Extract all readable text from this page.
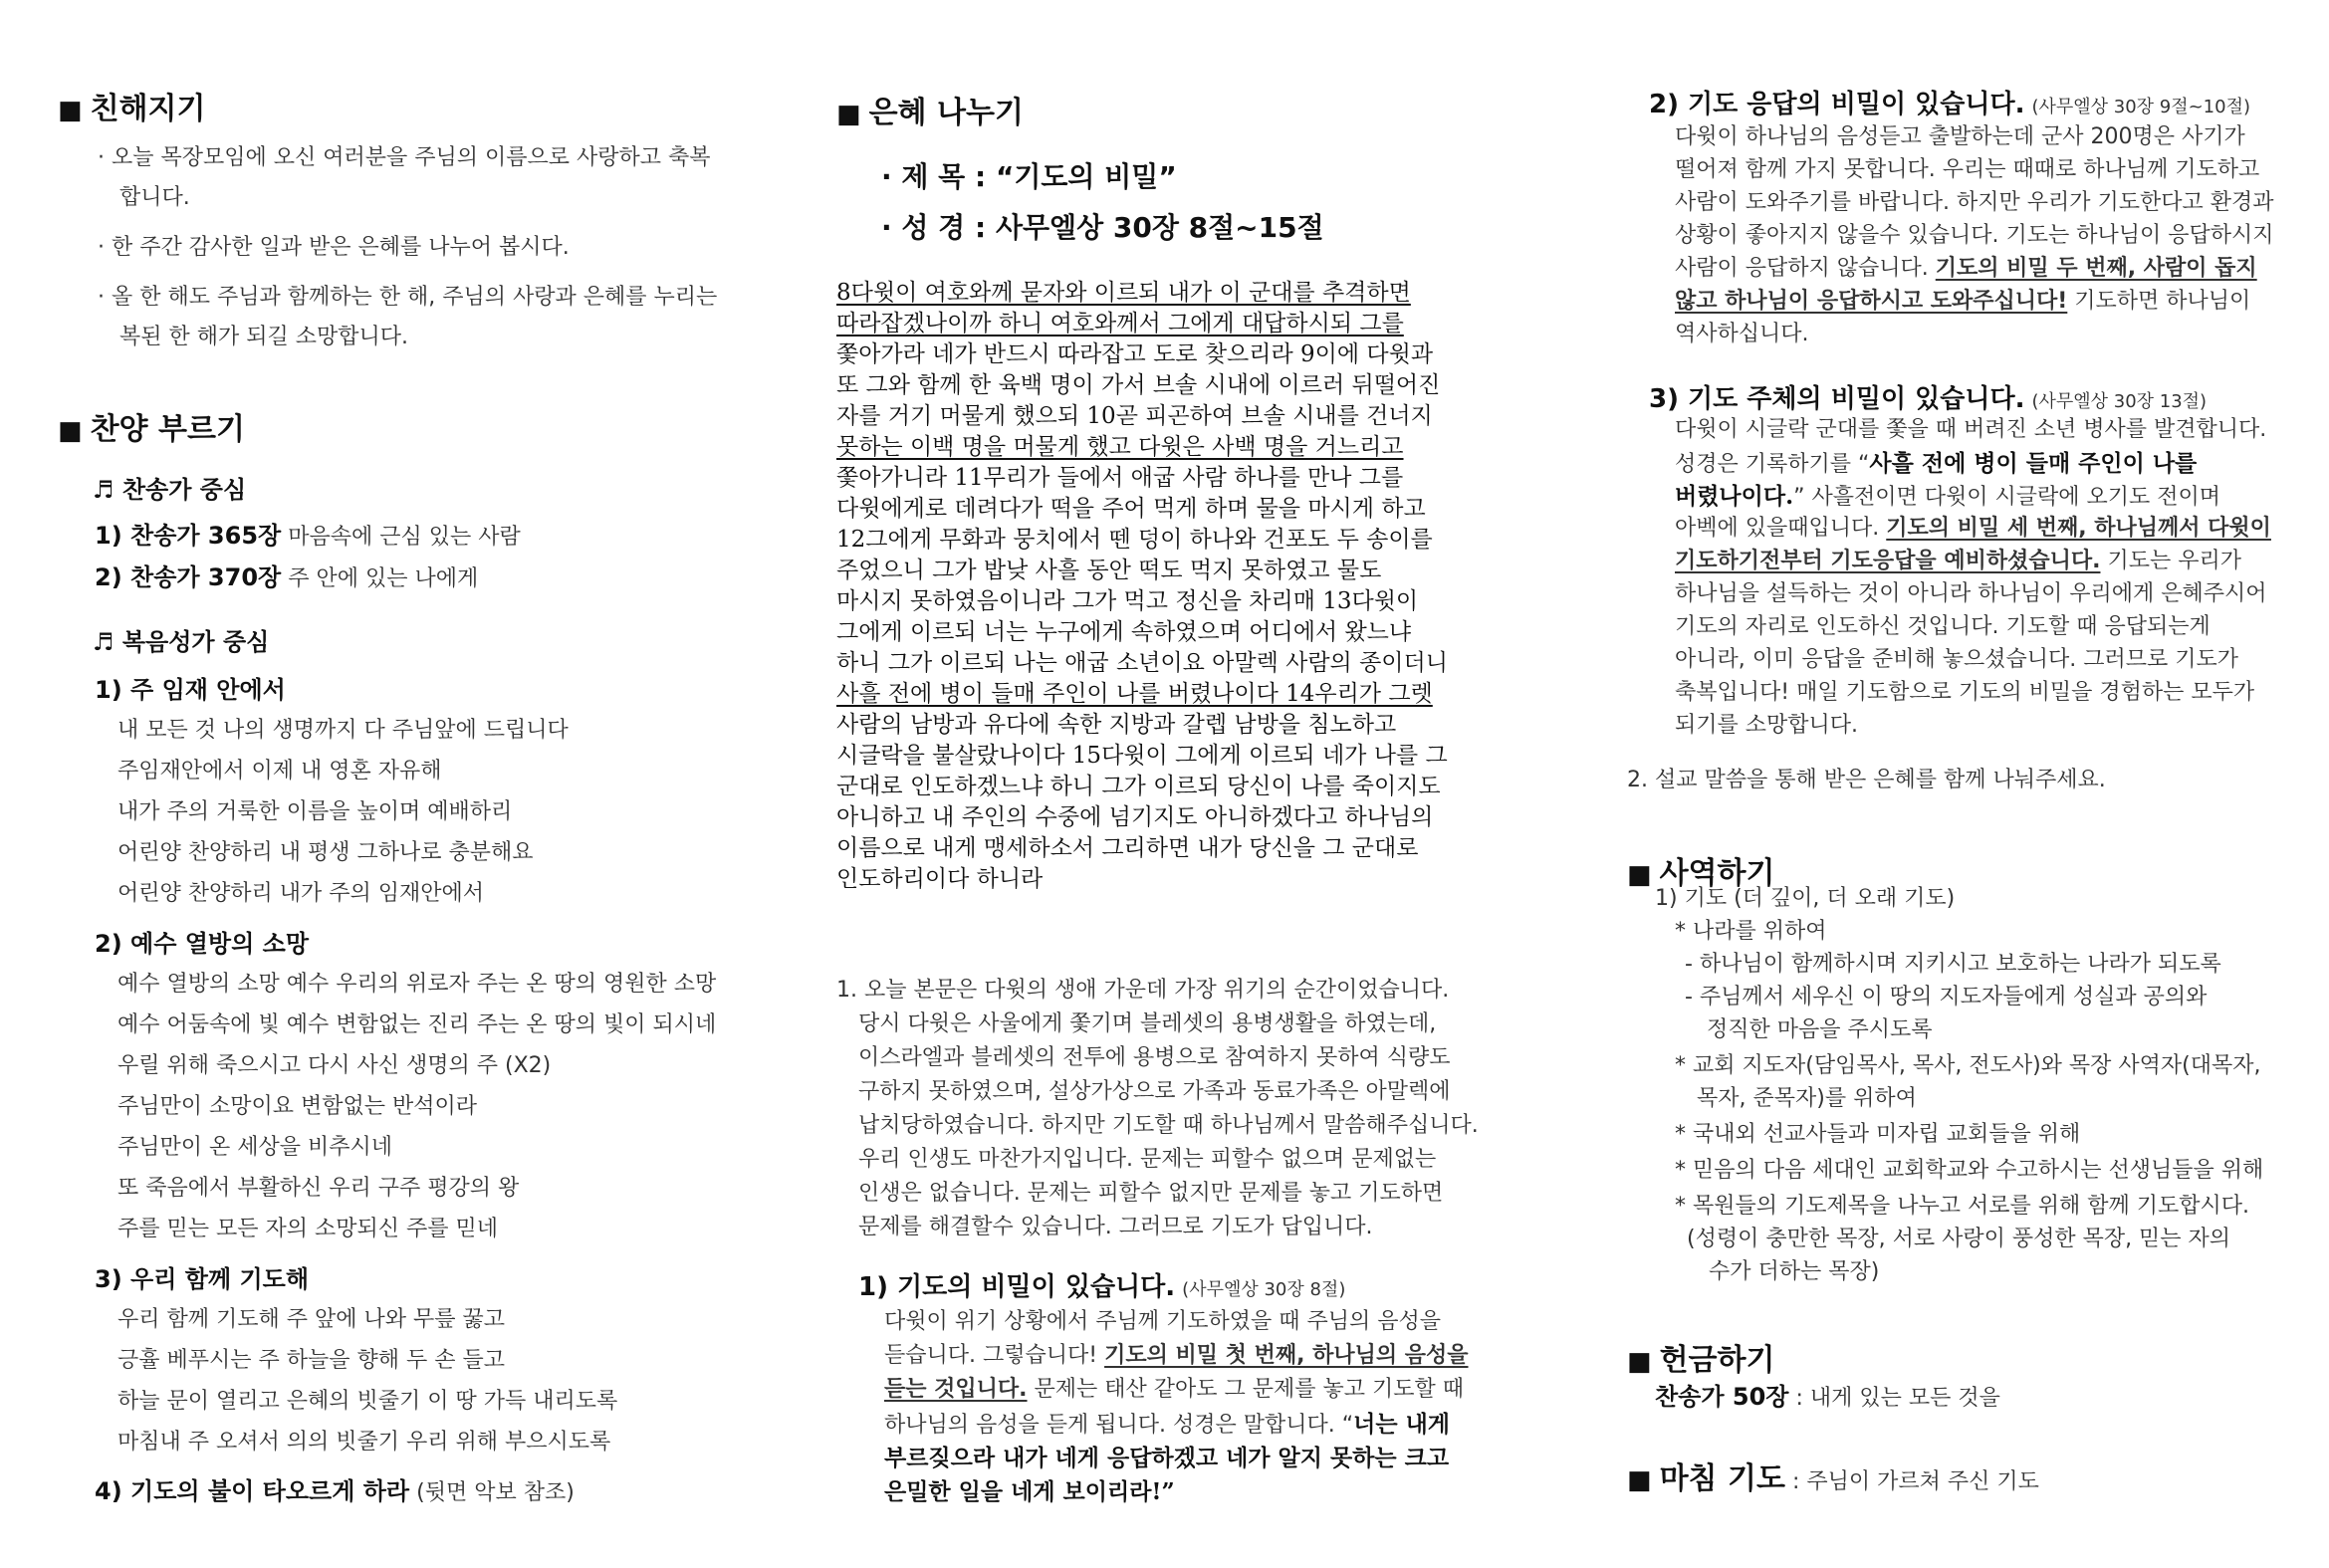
■ 친해지기
· 오늘 목장모임에 오신 여러분을 주님의 이름으로 사랑하고 축복
합니다.
· 한 주간 감사한 일과 받은 은혜를 나누어 봅시다.
· 올 한 해도 주님과 함께하는 한 해, 주님의 사랑과 은혜를 누리는
복된 한 해가 되길 소망합니다.
■ 찬양 부르기
♬ 찬송가 중심
1) 찬송가 365장 마음속에 근심 있는 사람
2) 찬송가 370장 주 안에 있는 나에게
♬ 복음성가 중심
1) 주 임재 안에서
내 모든 것 나의 생명까지 다 주님앞에 드립니다
주임재안에서 이제 내 영혼 자유해
내가 주의 거룩한 이름을 높이며 예배하리
어린양 찬양하리 내 평생 그하나로 충분해요
어린양 찬양하리 내가 주의 임재안에서
2) 예수 열방의 소망
예수 열방의 소망 예수 우리의 위로자 주는 온 땅의 영원한 소망
예수 어둠속에 빛 예수 변함없는 진리 주는 온 땅의 빛이 되시네
우릴 위해 죽으시고 다시 사신 생명의 주 (X2)
주님만이 소망이요 변함없는 반석이라
주님만이 온 세상을 비추시네
또 죽음에서 부활하신 우리 구주 평강의 왕
주를 믿는 모든 자의 소망되신 주를 믿네
3) 우리 함께 기도해
우리 함께 기도해 주 앞에 나와 무릎 꿇고
긍휼 베푸시는 주 하늘을 향해 두 손 들고
하늘 문이 열리고 은혜의 빗줄기 이 땅 가득 내리도록
마침내 주 오셔서 의의 빗줄기 우리 위해 부으시도록
4) 기도의 불이 타오르게 하라 (뒷면 악보 참조)
■ 은혜 나누기
· 제 목 : “기도의 비밀”
· 성 경 : 사무엘상 30장 8절~15절
8다윗이 여호와께 묻자와 이르되 내가 이 군대를 추격하면
따라잡겠나이까 하니 여호와께서 그에게 대답하시되 그를
쫓아가라 네가 반드시 따라잡고 도로 찾으리라 9이에 다윗과
또 그와 함께 한 육백 명이 가서 브솔 시내에 이르러 뒤떨어진
자를 거기 머물게 했으되 10곧 피곤하여 브솔 시내를 건너지
못하는 이백 명을 머물게 했고 다윗은 사백 명을 거느리고
쫓아가니라 11무리가 들에서 애굽 사람 하나를 만나 그를
다윗에게로 데려다가 떡을 주어 먹게 하며 물을 마시게 하고
12그에게 무화과 뭉치에서 뗀 덩이 하나와 건포도 두 송이를
주었으니 그가 밥낮 사흘 동안 떡도 먹지 못하였고 물도
마시지 못하였음이니라 그가 먹고 정신을 차리매 13다윗이
그에게 이르되 너는 누구에게 속하였으며 어디에서 왔느냐
하니 그가 이르되 나는 애굽 소년이요 아말렉 사람의 종이더니
사흘 전에 병이 들매 주인이 나를 버렸나이다 14우리가 그렛
사람의 남방과 유다에 속한 지방과 갈렙 남방을 침노하고
시글락을 불살랐나이다 15다윗이 그에게 이르되 네가 나를 그
군대로 인도하겠느냐 하니 그가 이르되 당신이 나를 죽이지도
아니하고 내 주인의 수중에 넘기지도 아니하겠다고 하나님의
이름으로 내게 맹세하소서 그리하면 내가 당신을 그 군대로
인도하리이다 하니라
1. 오늘 본문은 다윗의 생애 가운데 가장 위기의 순간이었습니다.
당시 다윗은 사울에게 쫓기며 블레셋의 용병생활을 하였는데,
이스라엘과 블레셋의 전투에 용병으로 참여하지 못하여 식량도
구하지 못하였으며, 설상가상으로 가족과 동료가족은 아말렉에
납치당하였습니다. 하지만 기도할 때 하나님께서 말씀해주십니다.
우리 인생도 마찬가지입니다. 문제는 피할수 없으며 문제없는
인생은 없습니다. 문제는 피할수 없지만 문제를 놓고 기도하면
문제를 해결할수 있습니다. 그러므로 기도가 답입니다.
1) 기도의 비밀이 있습니다. (사무엘상 30장 8절)
다윗이 위기 상황에서 주님께 기도하였을 때 주님의 음성을
듣습니다. 그렇습니다! 기도의 비밀 첫 번째, 하나님의 음성을
듣는 것입니다. 문제는 태산 같아도 그 문제를 놓고 기도할 때
하나님의 음성을 듣게 됩니다. 성경은 말합니다. “너는 내게
부르짖으라 내가 네게 응답하겠고 네가 알지 못하는 크고
은밀한 일을 네게 보이리라!”
2) 기도 응답의 비밀이 있습니다. (사무엘상 30장 9절~10절)
다윗이 하나님의 음성듣고 출발하는데 군사 200명은 사기가
떨어져 함께 가지 못합니다. 우리는 때때로 하나님께 기도하고
사람이 도와주기를 바랍니다. 하지만 우리가 기도한다고 환경과
상황이 좋아지지 않을수 있습니다. 기도는 하나님이 응답하시지
사람이 응답하지 않습니다. 기도의 비밀 두 번째, 사람이 돕지
않고 하나님이 응답하시고 도와주십니다! 기도하면 하나님이
역사하십니다.
3) 기도 주체의 비밀이 있습니다. (사무엘상 30장 13절)
다윗이 시글락 군대를 쫓을 때 버려진 소년 병사를 발견합니다.
성경은 기록하기를 “사흘 전에 병이 들매 주인이 나를
버렸나이다.” 사흘전이면 다윗이 시글락에 오기도 전이며
아벡에 있을때입니다. 기도의 비밀 세 번째, 하나님께서 다윗이
기도하기전부터 기도응답을 예비하셨습니다. 기도는 우리가
하나님을 설득하는 것이 아니라 하나님이 우리에게 은혜주시어
기도의 자리로 인도하신 것입니다. 기도할 때 응답되는게
아니라, 이미 응답을 준비해 놓으셨습니다. 그러므로 기도가
축복입니다! 매일 기도함으로 기도의 비밀을 경험하는 모두가
되기를 소망합니다.
2. 설교 말씀을 통해 받은 은혜를 함께 나눠주세요.
■ 사역하기
1) 기도 (더 깊이, 더 오래 기도)
* 나라를 위하여
- 하나님이 함께하시며 지키시고 보호하는 나라가 되도록
- 주님께서 세우신 이 땅의 지도자들에게 성실과 공의와
정직한 마음을 주시도록
* 교회 지도자(담임목사, 목사, 전도사)와 목장 사역자(대목자,
목자, 준목자)를 위하여
* 국내외 선교사들과 미자립 교회들을 위해
* 믿음의 다음 세대인 교회학교와 수고하시는 선생님들을 위해
* 목원들의 기도제목을 나누고 서로를 위해 함께 기도합시다.
(성령이 충만한 목장, 서로 사랑이 풍성한 목장, 믿는 자의
수가 더하는 목장)
■ 헌금하기
찬송가 50장 : 내게 있는 모든 것을
■ 마침 기도 : 주님이 가르쳐 주신 기도
